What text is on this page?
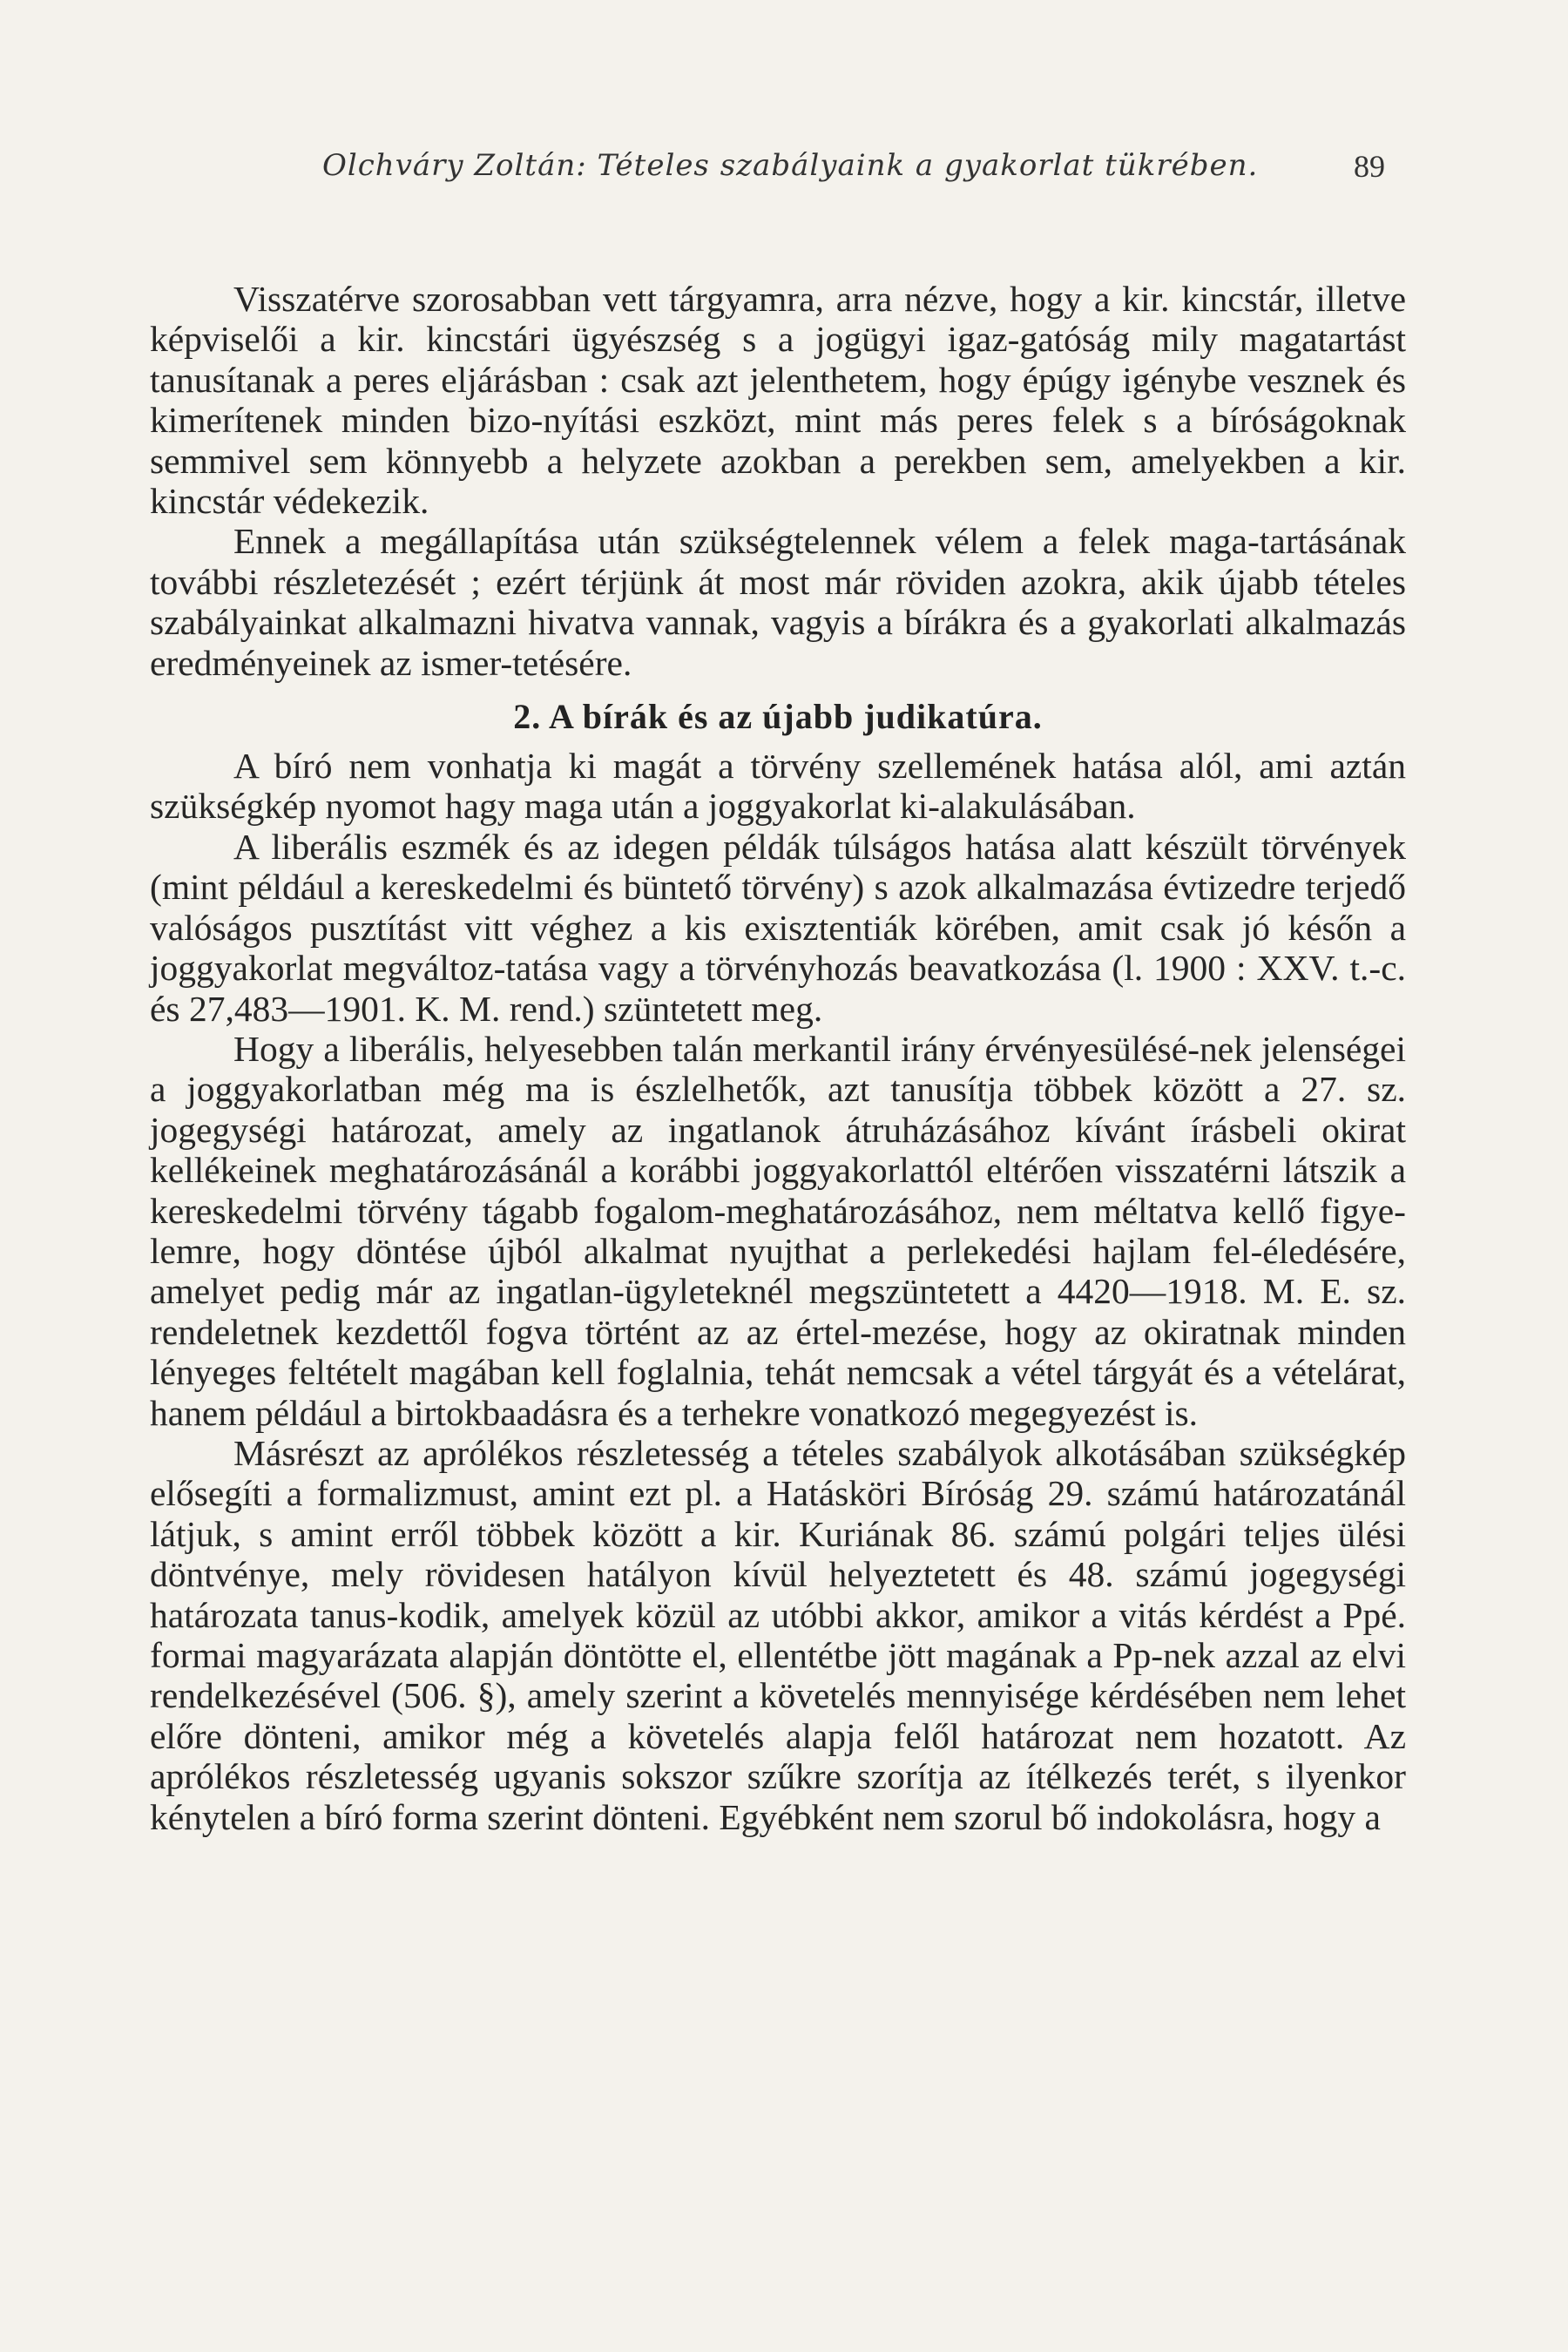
Olchváry Zoltán: Tételes szabályaink a gyakorlat tükrében.	89

Visszatérve szorosabban vett tárgyamra, arra nézve, hogy a kir. kincstár, illetve képviselői a kir. kincstári ügyészség s a jogügyi igaz-gatóság mily magatartást tanusítanak a peres eljárásban : csak azt jelenthetem, hogy épúgy igénybe vesznek és kimerítenek minden bizo-nyítási eszközt, mint más peres felek s a bíróságoknak semmivel sem könnyebb a helyzete azokban a perekben sem, amelyekben a kir. kincstár védekezik.

Ennek a megállapítása után szükségtelennek vélem a felek maga-tartásának további részletezését ; ezért térjünk át most már röviden azokra, akik újabb tételes szabályainkat alkalmazni hivatva vannak, vagyis a bírákra és a gyakorlati alkalmazás eredményeinek az ismer-tetésére.

2. A bírák és az újabb judikatúra.

A bíró nem vonhatja ki magát a törvény szellemének hatása alól, ami aztán szükségkép nyomot hagy maga után a joggyakorlat ki-alakulásában.

A liberális eszmék és az idegen példák túlságos hatása alatt készült törvények (mint például a kereskedelmi és büntető törvény) s azok alkalmazása évtizedre terjedő valóságos pusztítást vitt véghez a kis exisztentiák körében, amit csak jó későn a joggyakorlat megváltoz-tatása vagy a törvényhozás beavatkozása (l. 1900 : XXV. t.-c. és 27,483—1901. K. M. rend.) szüntetett meg.

Hogy a liberális, helyesebben talán merkantil irány érvényesülésé-nek jelenségei a joggyakorlatban még ma is észlelhetők, azt tanusítja többek között a 27. sz. jogegységi határozat, amely az ingatlanok átruházásához kívánt írásbeli okirat kellékeinek meghatározásánál a korábbi joggyakorlattól eltérően visszatérni látszik a kereskedelmi törvény tágabb fogalom-meghatározásához, nem méltatva kellő figye-lemre, hogy döntése újból alkalmat nyujthat a perlekedési hajlam fel-éledésére, amelyet pedig már az ingatlan-ügyleteknél megszüntetett a 4420—1918. M. E. sz. rendeletnek kezdettől fogva történt az az értel-mezése, hogy az okiratnak minden lényeges feltételt magában kell foglalnia, tehát nemcsak a vétel tárgyát és a vételárat, hanem például a birtokbaadásra és a terhekre vonatkozó megegyezést is.

Másrészt az aprólékos részletesség a tételes szabályok alkotásában szükségkép elősegíti a formalizmust, amint ezt pl. a Hatásköri Bíróság 29. számú határozatánál látjuk, s amint erről többek között a kir. Kuriának 86. számú polgári teljes ülési döntvénye, mely rövidesen hatályon kívül helyeztetett és 48. számú jogegységi határozata tanus-kodik, amelyek közül az utóbbi akkor, amikor a vitás kérdést a Ppé. formai magyarázata alapján döntötte el, ellentétbe jött magának a Pp-nek azzal az elvi rendelkezésével (506. §), amely szerint a követelés mennyisége kérdésében nem lehet előre dönteni, amikor még a követelés alapja felől határozat nem hozatott. Az aprólékos részletesség ugyanis sokszor szűkre szorítja az ítélkezés terét, s ilyenkor kénytelen a bíró forma szerint dönteni. Egyébként nem szorul bő indokolásra, hogy a
